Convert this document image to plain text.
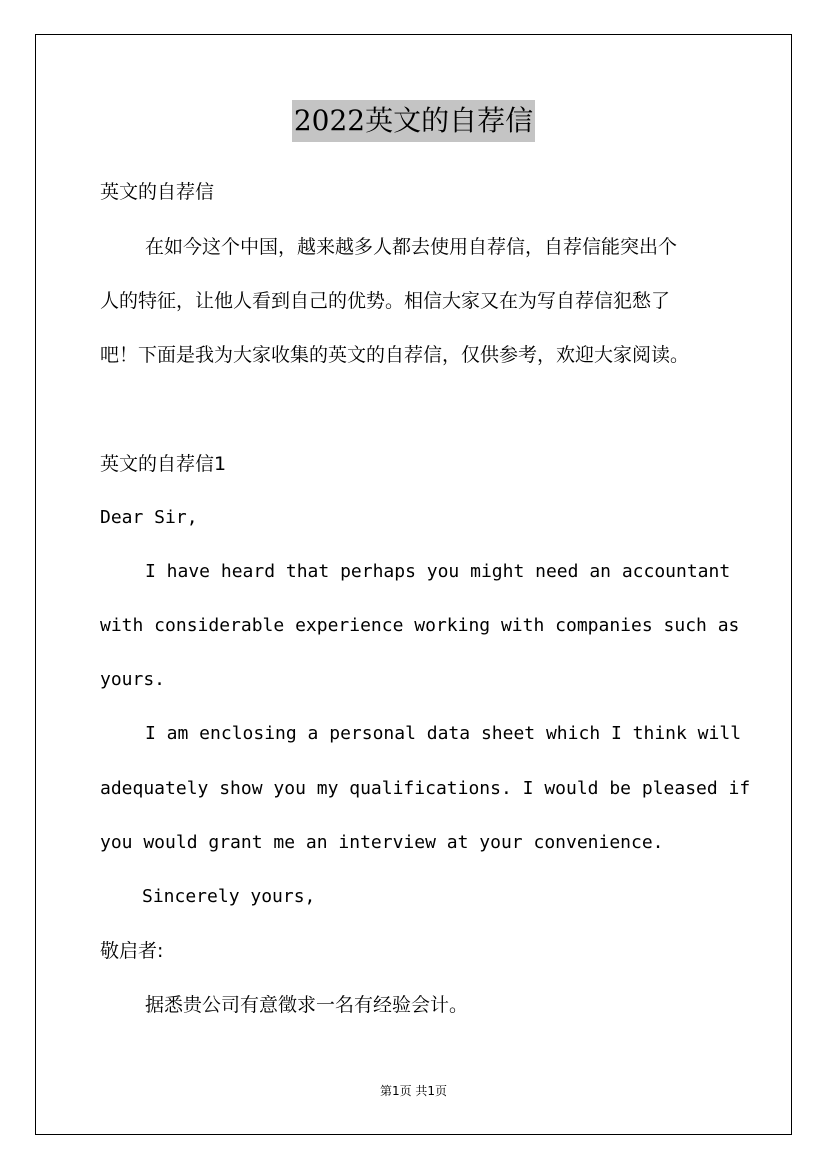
2022英文的自荐信
英文的自荐信
在如今这个中国，越来越多人都去使用自荐信，自荐信能突出个
人的特征，让他人看到自己的优势。相信大家又在为写自荐信犯愁了
吧！下面是我为大家收集的英文的自荐信，仅供参考，欢迎大家阅读。
英文的自荐信1
Dear Sir,
I have heard that perhaps you might need an accountant
with considerable experience working with companies such as
yours.
I am enclosing a personal data sheet which I think will
adequately show you my qualifications. I would be pleased if
you would grant me an interview at your convenience.
Sincerely yours,
敬启者:
据悉贵公司有意徵求一名有经验会计。
第1页 共1页
